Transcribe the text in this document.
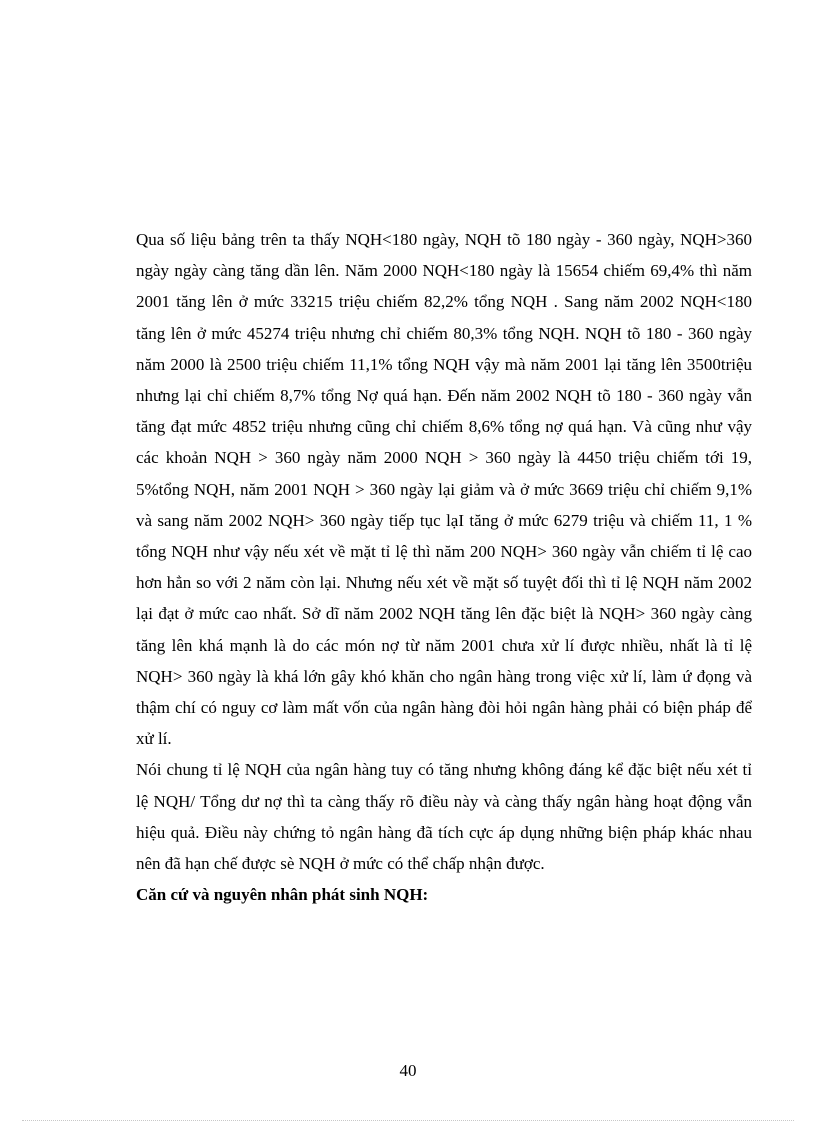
Qua số liệu bảng trên ta thấy NQH<180 ngày, NQH tõ 180 ngày - 360 ngày, NQH>360 ngày ngày càng tăng dần lên. Năm 2000 NQH<180 ngày là 15654 chiếm 69,4% thì năm 2001 tăng lên ở mức 33215 triệu chiếm 82,2% tổng NQH . Sang năm 2002 NQH<180 tăng lên ở mức 45274 triệu nhưng chỉ chiếm 80,3% tổng NQH. NQH tõ 180 - 360 ngày năm 2000 là 2500 triệu chiếm 11,1% tổng NQH vậy mà năm 2001 lại tăng lên 3500triệu nhưng lại chỉ chiếm 8,7% tổng Nợ quá hạn. Đến năm 2002 NQH tõ 180 - 360 ngày vẫn tăng đạt mức 4852 triệu nhưng cũng chỉ chiếm 8,6% tổng nợ quá hạn. Và cũng như vậy các khoản NQH > 360 ngày năm 2000 NQH > 360 ngày là 4450 triệu chiếm tới 19, 5%tổng NQH, năm 2001 NQH > 360 ngày lại giảm và ở mức 3669 triệu chỉ chiếm 9,1% và sang năm 2002 NQH> 360 ngày tiếp tục lạI tăng ở mức 6279 triệu và chiếm 11, 1 % tổng NQH như vậy nếu xét về mặt tỉ lệ thì năm 200 NQH> 360 ngày vẫn chiếm tỉ lệ cao hơn hẳn so với 2 năm còn lại. Nhưng nếu xét về mặt số tuyệt đối thì tỉ lệ NQH năm 2002 lại đạt ở mức cao nhất. Sở dĩ năm 2002 NQH tăng lên đặc biệt là NQH> 360 ngày càng tăng lên khá mạnh là do các món nợ từ năm 2001 chưa xử lí được nhiều, nhất là tỉ lệ NQH> 360 ngày là khá lớn gây khó khăn cho ngân hàng trong việc xử lí, làm ứ đọng và thậm chí có nguy cơ làm mất vốn của ngân hàng đòi hỏi ngân hàng phải có biện pháp để xử lí.

Nói chung tỉ lệ NQH của ngân hàng tuy có tăng nhưng không đáng kể đặc biệt nếu xét tỉ lệ NQH/ Tổng dư nợ thì ta càng thấy rõ điều này và càng thấy ngân hàng hoạt động vẫn hiệu quả. Điều này chứng tỏ ngân hàng đã tích cực áp dụng những biện pháp khác nhau nên đã hạn chế được sè NQH ở mức có thể chấp nhận được.

Căn cứ và nguyên nhân phát sinh NQH:

40
